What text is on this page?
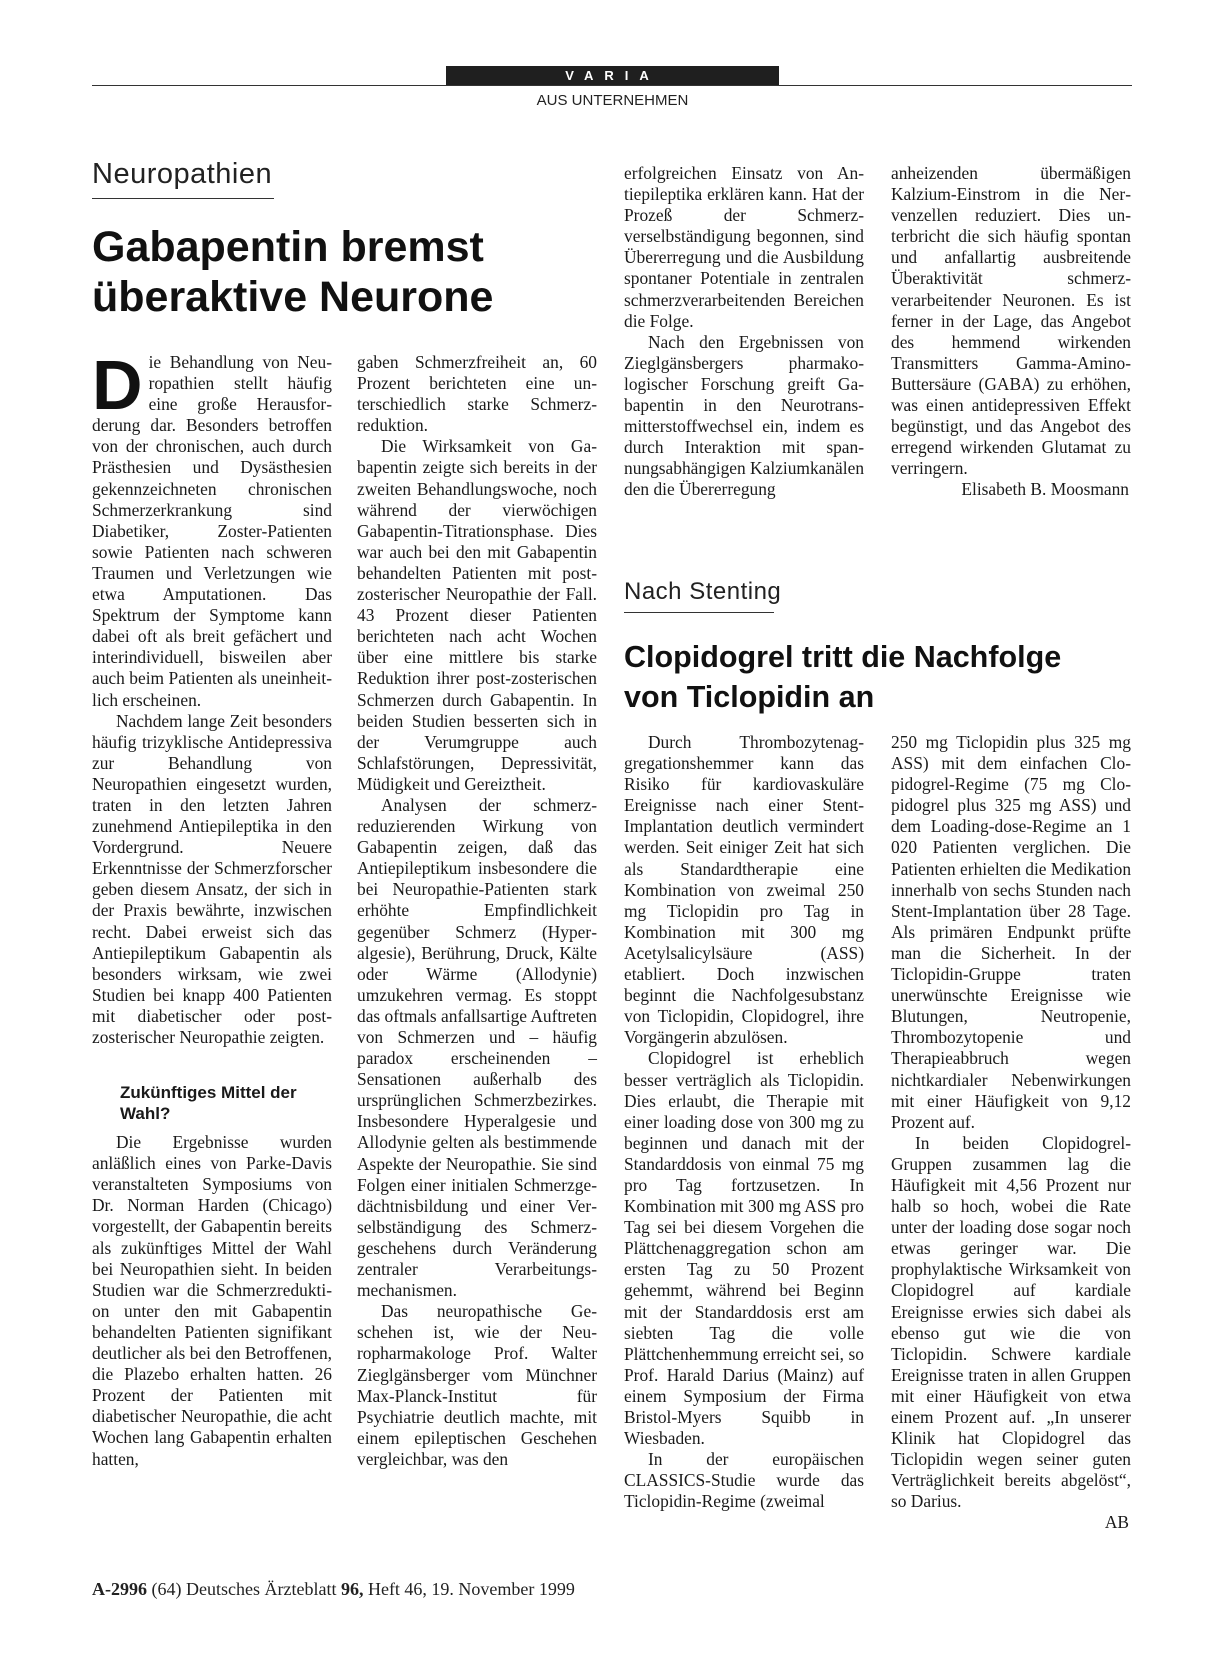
VARIA
AUS UNTERNEHMEN
Neuropathien
Gabapentin bremst
überaktive Neurone

Die Behandlung von Neuropathien stellt häufig eine große Herausforderung dar. Besonders betroffen von der chronischen, auch durch Prästhesien und Dysästhesien gekennzeichneten chronischen Schmerzerkrankung sind Diabetiker, Zoster-Patienten sowie Patienten nach schweren Traumen und Verletzungen wie etwa Amputationen. Das Spektrum der Symptome kann dabei oft als breit gefächert und interindividuell, bisweilen aber auch beim Patienten als uneinheitlich erscheinen.

Nachdem lange Zeit besonders häufig trizyklische Antidepressiva zur Behandlung von Neuropathien eingesetzt wurden, traten in den letzten Jahren zunehmend Antiepileptika in den Vordergrund. Neuere Erkenntnisse der Schmerzforscher geben diesem Ansatz, der sich in der Praxis bewährte, inzwischen recht. Dabei erweist sich das Antiepileptikum Gabapentin als besonders wirksam, wie zwei Studien bei knapp 400 Patienten mit diabetischer oder post-zosterischer Neuropathie zeigten.

Zukünftiges Mittel der Wahl?

Die Ergebnisse wurden anläßlich eines von Parke-Davis veranstalteten Symposiums von Dr. Norman Harden (Chicago) vorgestellt, der Gabapentin bereits als zukünftiges Mittel der Wahl bei Neuropathien sieht. In beiden Studien war die Schmerzreduktion unter den mit Gabapentin behandelten Patienten signifikant deutlicher als bei den Betroffenen, die Plazebo erhalten hatten. 26 Prozent der Patienten mit diabetischer Neuropathie, die acht Wochen lang Gabapentin erhalten hatten,

gaben Schmerzfreiheit an, 60 Prozent berichteten eine unterschiedlich starke Schmerzreduktion.

Die Wirksamkeit von Gabapentin zeigte sich bereits in der zweiten Behandlungswoche, noch während der vierwöchigen Gabapentin-Titrationsphase. Dies war auch bei den mit Gabapentin behandelten Patienten mit post-zosterischer Neuropathie der Fall. 43 Prozent dieser Patienten berichteten nach acht Wochen über eine mittlere bis starke Reduktion ihrer post-zosterischen Schmerzen durch Gabapentin. In beiden Studien besserten sich in der Verumgruppe auch Schlafstörungen, Depressivität, Müdigkeit und Gereiztheit.

Analysen der schmerzreduzierenden Wirkung von Gabapentin zeigen, daß das Antiepileptikum insbesondere die bei Neuropathie-Patienten stark erhöhte Empfindlichkeit gegenüber Schmerz (Hyperalgesie), Berührung, Druck, Kälte oder Wärme (Allodynie) umzukehren vermag. Es stoppt das oftmals anfallsartige Auftreten von Schmerzen und – häufig paradox erscheinenden – Sensationen außerhalb des ursprünglichen Schmerzbezirkes. Insbesondere Hyperalgesie und Allodynie gelten als bestimmende Aspekte der Neuropathie. Sie sind Folgen einer initialen Schmerzgedächtnisbildung und einer Verselbständigung des Schmerzgeschehens durch Veränderung zentraler Verarbeitungsmechanismen.

Das neuropathische Geschehen ist, wie der Neuropharmakologe Prof. Walter Zieglgänsberger vom Münchner Max-Planck-Institut für Psychiatrie deutlich machte, mit einem epileptischen Geschehen vergleichbar, was den

erfolgreichen Einsatz von Antiepileptika erklären kann. Hat der Prozeß der Schmerzverselbständigung begonnen, sind Übererregung und die Ausbildung spontaner Potentiale in zentralen schmerzverarbeitenden Bereichen die Folge.

Nach den Ergebnissen von Zieglgänsbergers pharmakologischer Forschung greift Gabapentin in den Neurotransmitterstoffwechsel ein, indem es durch Interaktion mit spannungsabhängigen Kalziumkanälen den die Übererregung

anheizenden übermäßigen Kalzium-Einstrom in die Nervenzellen reduziert. Dies unterbricht die sich häufig spontan und anfallartig ausbreitende Überaktivität schmerzverarbeitender Neuronen. Es ist ferner in der Lage, das Angebot des hemmend wirkenden Transmitters Gamma-Amino-Buttersäure (GABA) zu erhöhen, was einen antidepressiven Effekt begünstigt, und das Angebot des erregend wirkenden Glutamat zu verringern.

Elisabeth B. Moosmann

Nach Stenting
Clopidogrel tritt die Nachfolge
von Ticlopidin an

Durch Thrombozytenaggregationshemmer kann das Risiko für kardiovaskuläre Ereignisse nach einer Stent-Implantation deutlich vermindert werden. Seit einiger Zeit hat sich als Standardtherapie eine Kombination von zweimal 250 mg Ticlopidin pro Tag in Kombination mit 300 mg Acetylsalicylsäure (ASS) etabliert. Doch inzwischen beginnt die Nachfolgesubstanz von Ticlopidin, Clopidogrel, ihre Vorgängerin abzulösen.

Clopidogrel ist erheblich besser verträglich als Ticlopidin. Dies erlaubt, die Therapie mit einer loading dose von 300 mg zu beginnen und danach mit der Standarddosis von einmal 75 mg pro Tag fortzusetzen. In Kombination mit 300 mg ASS pro Tag sei bei diesem Vorgehen die Plättchenaggregation schon am ersten Tag zu 50 Prozent gehemmt, während bei Beginn mit der Standarddosis erst am siebten Tag die volle Plättchenhemmung erreicht sei, so Prof. Harald Darius (Mainz) auf einem Symposium der Firma Bristol-Myers Squibb in Wiesbaden.

In der europäischen CLASSICS-Studie wurde das Ticlopidin-Regime (zweimal

250 mg Ticlopidin plus 325 mg ASS) mit dem einfachen Clopidogrel-Regime (75 mg Clopidogrel plus 325 mg ASS) und dem Loading-dose-Regime an 1 020 Patienten verglichen. Die Patienten erhielten die Medikation innerhalb von sechs Stunden nach Stent-Implantation über 28 Tage. Als primären Endpunkt prüfte man die Sicherheit. In der Ticlopidin-Gruppe traten unerwünschte Ereignisse wie Blutungen, Neutropenie, Thrombozytopenie und Therapieabbruch wegen nichtkardialer Nebenwirkungen mit einer Häufigkeit von 9,12 Prozent auf.

In beiden Clopidogrel-Gruppen zusammen lag die Häufigkeit mit 4,56 Prozent nur halb so hoch, wobei die Rate unter der loading dose sogar noch etwas geringer war. Die prophylaktische Wirksamkeit von Clopidogrel auf kardiale Ereignisse erwies sich dabei als ebenso gut wie die von Ticlopidin. Schwere kardiale Ereignisse traten in allen Gruppen mit einer Häufigkeit von etwa einem Prozent auf. „In unserer Klinik hat Clopidogrel das Ticlopidin wegen seiner guten Verträglichkeit bereits abgelöst“, so Darius.

AB

A-2996 (64) Deutsches Ärzteblatt 96, Heft 46, 19. November 1999
